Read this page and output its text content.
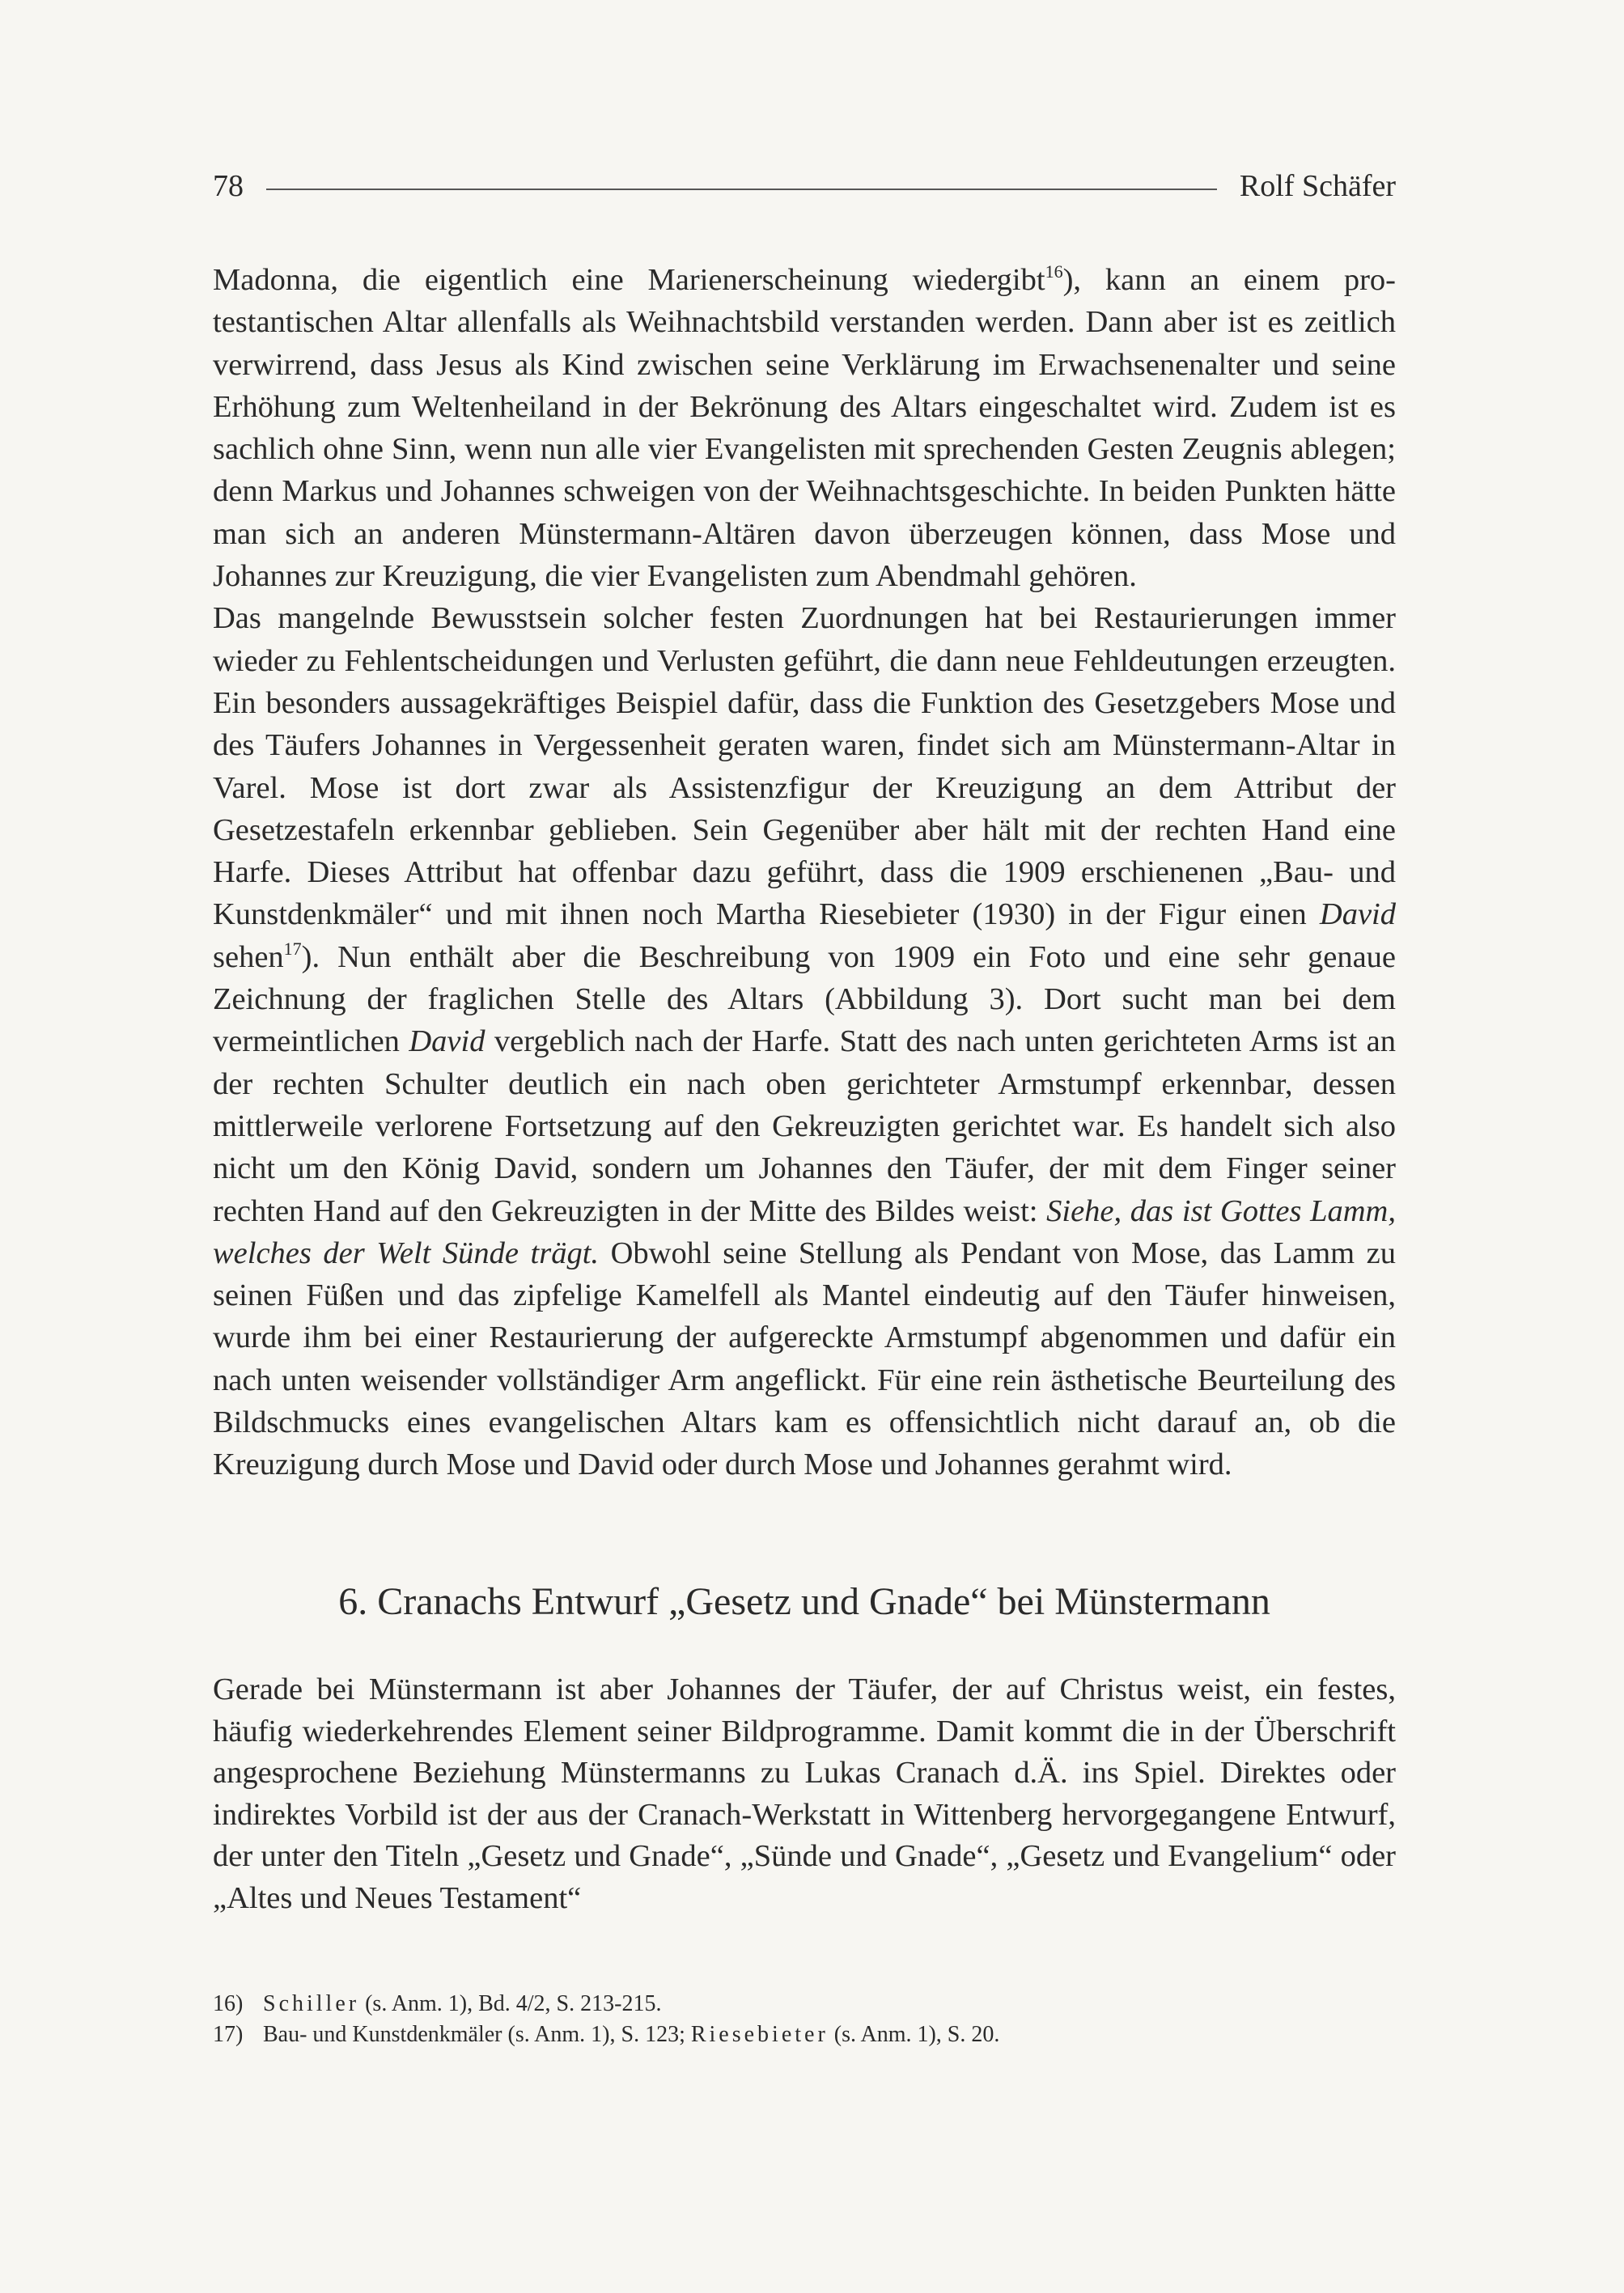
78	Rolf Schäfer

Madonna, die eigentlich eine Marienerscheinung wiedergibt$^{16}$), kann an einem protestantischen Altar allenfalls als Weihnachtsbild verstanden werden. Dann aber ist es zeitlich verwirrend, dass Jesus als Kind zwischen seine Verklärung im Erwachsenenalter und seine Erhöhung zum Weltenheiland in der Bekrönung des Altars eingeschaltet wird. Zudem ist es sachlich ohne Sinn, wenn nun alle vier Evangelisten mit sprechenden Gesten Zeugnis ablegen; denn Markus und Johannes schweigen von der Weihnachtsgeschichte. In beiden Punkten hätte man sich an anderen Münstermann-Altären davon überzeugen können, dass Mose und Johannes zur Kreuzigung, die vier Evangelisten zum Abendmahl gehören.

Das mangelnde Bewusstsein solcher festen Zuordnungen hat bei Restaurierungen immer wieder zu Fehlentscheidungen und Verlusten geführt, die dann neue Fehldeutungen erzeugten. Ein besonders aussagekräftiges Beispiel dafür, dass die Funktion des Gesetzgebers Mose und des Täufers Johannes in Vergessenheit geraten waren, findet sich am Münstermann-Altar in Varel. Mose ist dort zwar als Assistenzfigur der Kreuzigung an dem Attribut der Gesetzestafeln erkennbar geblieben. Sein Gegenüber aber hält mit der rechten Hand eine Harfe. Dieses Attribut hat offenbar dazu geführt, dass die 1909 erschienenen „Bau- und Kunstdenkmäler“ und mit ihnen noch Martha Riesebieter (1930) in der Figur einen David sehen$^{17}$). Nun enthält aber die Beschreibung von 1909 ein Foto und eine sehr genaue Zeichnung der fraglichen Stelle des Altars (Abbildung 3). Dort sucht man bei dem vermeintlichen David vergeblich nach der Harfe. Statt des nach unten gerichteten Arms ist an der rechten Schulter deutlich ein nach oben gerichteter Armstumpf erkennbar, dessen mittlerweile verlorene Fortsetzung auf den Gekreuzigten gerichtet war. Es handelt sich also nicht um den König David, sondern um Johannes den Täufer, der mit dem Finger seiner rechten Hand auf den Gekreuzigten in der Mitte des Bildes weist: Siehe, das ist Gottes Lamm, welches der Welt Sünde trägt. Obwohl seine Stellung als Pendant von Mose, das Lamm zu seinen Füßen und das zipfelige Kamelfell als Mantel eindeutig auf den Täufer hinweisen, wurde ihm bei einer Restaurierung der aufgereckte Armstumpf abgenommen und dafür ein nach unten weisender vollständiger Arm angeflickt. Für eine rein ästhetische Beurteilung des Bildschmucks eines evangelischen Altars kam es offensichtlich nicht darauf an, ob die Kreuzigung durch Mose und David oder durch Mose und Johannes gerahmt wird.

6. Cranachs Entwurf „Gesetz und Gnade“ bei Münstermann

Gerade bei Münstermann ist aber Johannes der Täufer, der auf Christus weist, ein festes, häufig wiederkehrendes Element seiner Bildprogramme. Damit kommt die in der Überschrift angesprochene Beziehung Münstermanns zu Lukas Cranach d.Ä. ins Spiel. Direktes oder indirektes Vorbild ist der aus der Cranach-Werkstatt in Wittenberg hervorgegangene Entwurf, der unter den Titeln „Gesetz und Gnade“, „Sünde und Gnade“, „Gesetz und Evangelium“ oder „Altes und Neues Testament“

16) Schiller (s. Anm. 1), Bd. 4/2, S. 213-215.
17) Bau- und Kunstdenkmäler (s. Anm. 1), S. 123; Riesebieter (s. Anm. 1), S. 20.
